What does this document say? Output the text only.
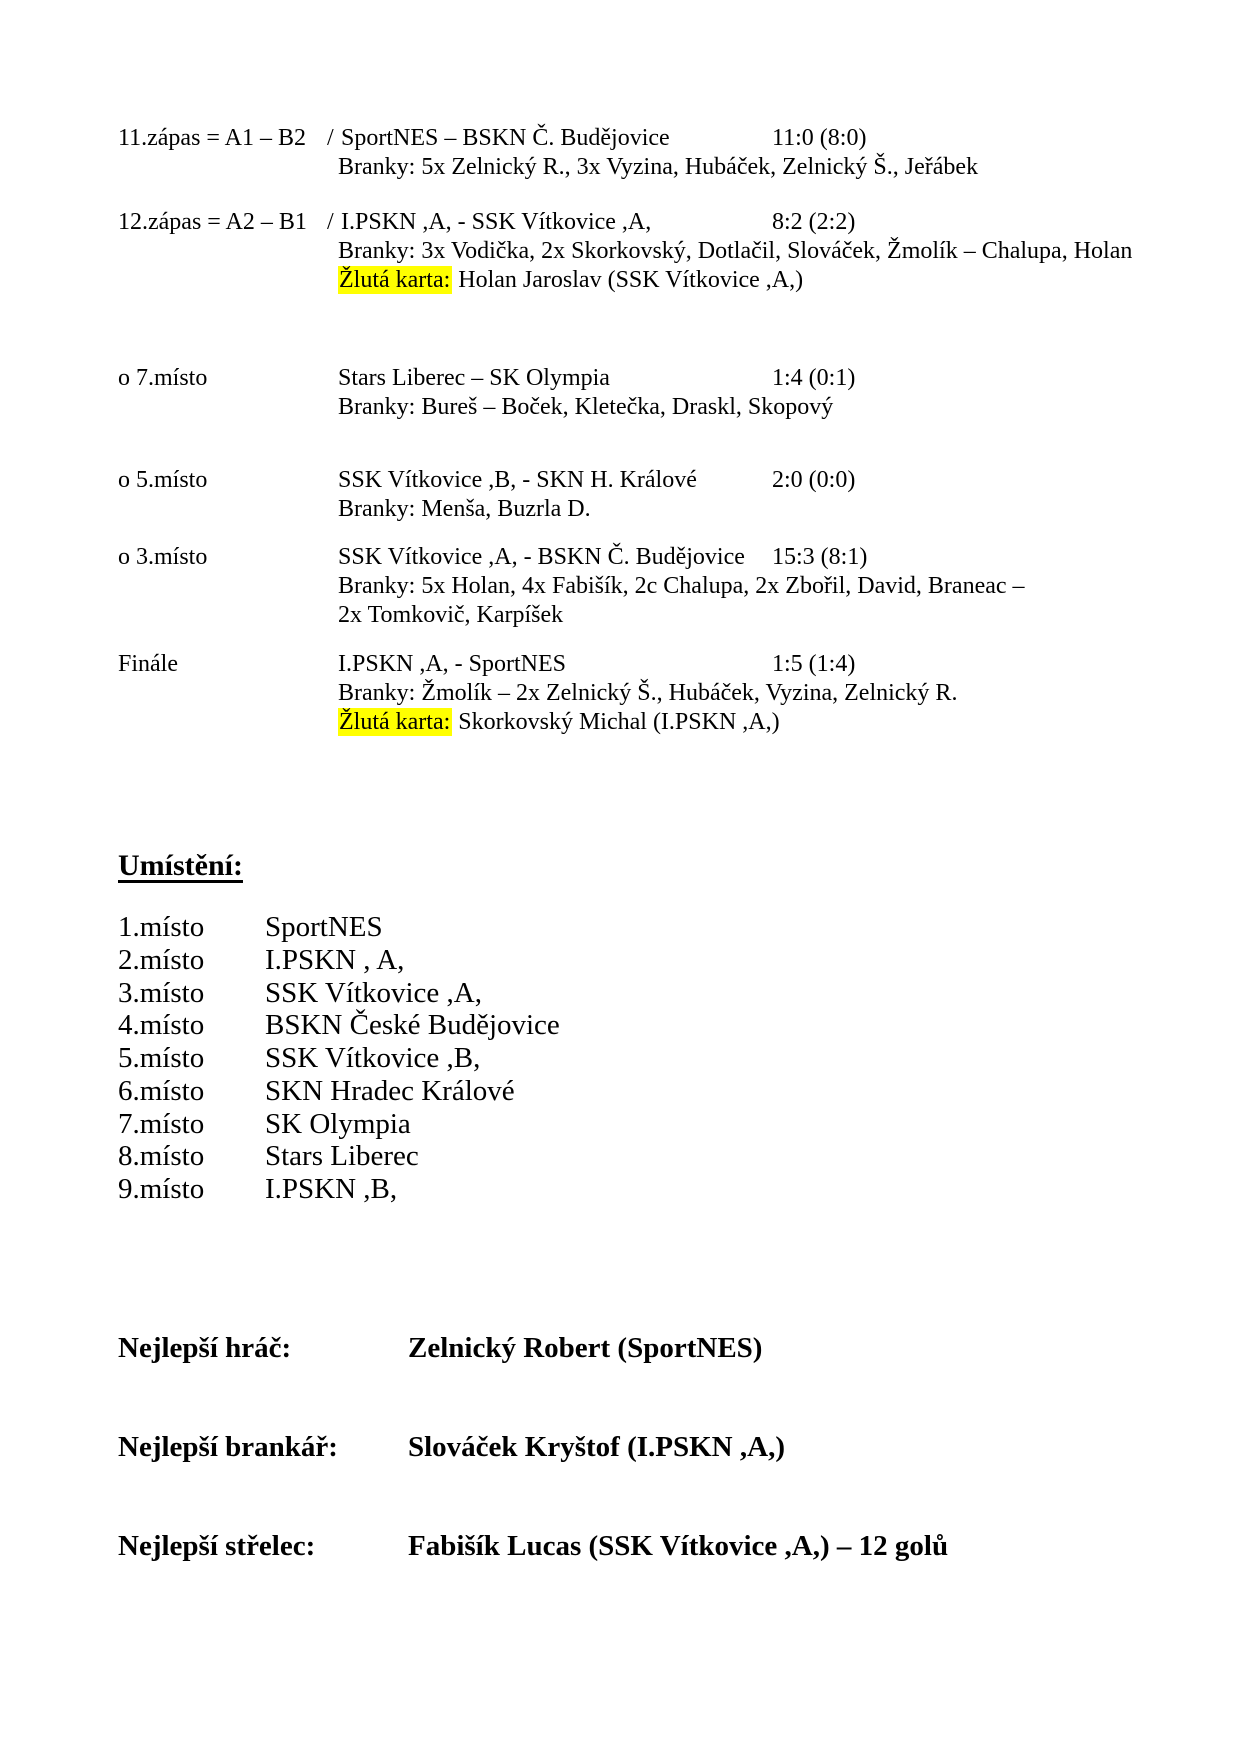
11.zápas = A1 – B2 / SportNES – BSKN Č. Budějovice	11:0 (8:0)
Branky: 5x Zelnický R., 3x Vyzina, Hubáček, Zelnický Š., Jeřábek
12.zápas = A2 – B1 / I.PSKN ,A, - SSK Vítkovice ,A,	8:2 (2:2)
Branky: 3x Vodička, 2x Skorkovský, Dotlačil, Slováček, Žmolík – Chalupa, Holan
Žlutá karta: Holan Jaroslav (SSK Vítkovice ,A,)
o 7.místo	Stars Liberec – SK Olympia	1:4 (0:1)
Branky: Bureš – Boček, Kletečka, Draskl, Skopový
o 5.místo	SSK Vítkovice ,B, - SKN H. Králové	2:0 (0:0)
Branky: Menša, Buzrla D.
o 3.místo	SSK Vítkovice ,A, - BSKN Č. Budějovice 15:3 (8:1)
Branky: 5x Holan, 4x Fabišík, 2c Chalupa, 2x Zbořil, David, Braneac –
2x Tomkovič, Karpíšek
Finále	I.PSKN ,A, - SportNES	1:5 (1:4)
Branky: Žmolík – 2x Zelnický Š., Hubáček, Vyzina, Zelnický R.
Žlutá karta: Skorkovský Michal (I.PSKN ,A,)
Umístění:
1.místo SportNES
2.místo I.PSKN , A,
3.místo SSK Vítkovice ,A,
4.místo BSKN České Budějovice
5.místo SSK Vítkovice ,B,
6.místo SKN Hradec Králové
7.místo SK Olympia
8.místo Stars Liberec
9.místo I.PSKN ,B,
Nejlepší hráč:	Zelnický Robert (SportNES)
Nejlepší brankář: Slováček Kryštof (I.PSKN ,A,)
Nejlepší střelec:	Fabišík Lucas (SSK Vítkovice ,A,) – 12 golů
